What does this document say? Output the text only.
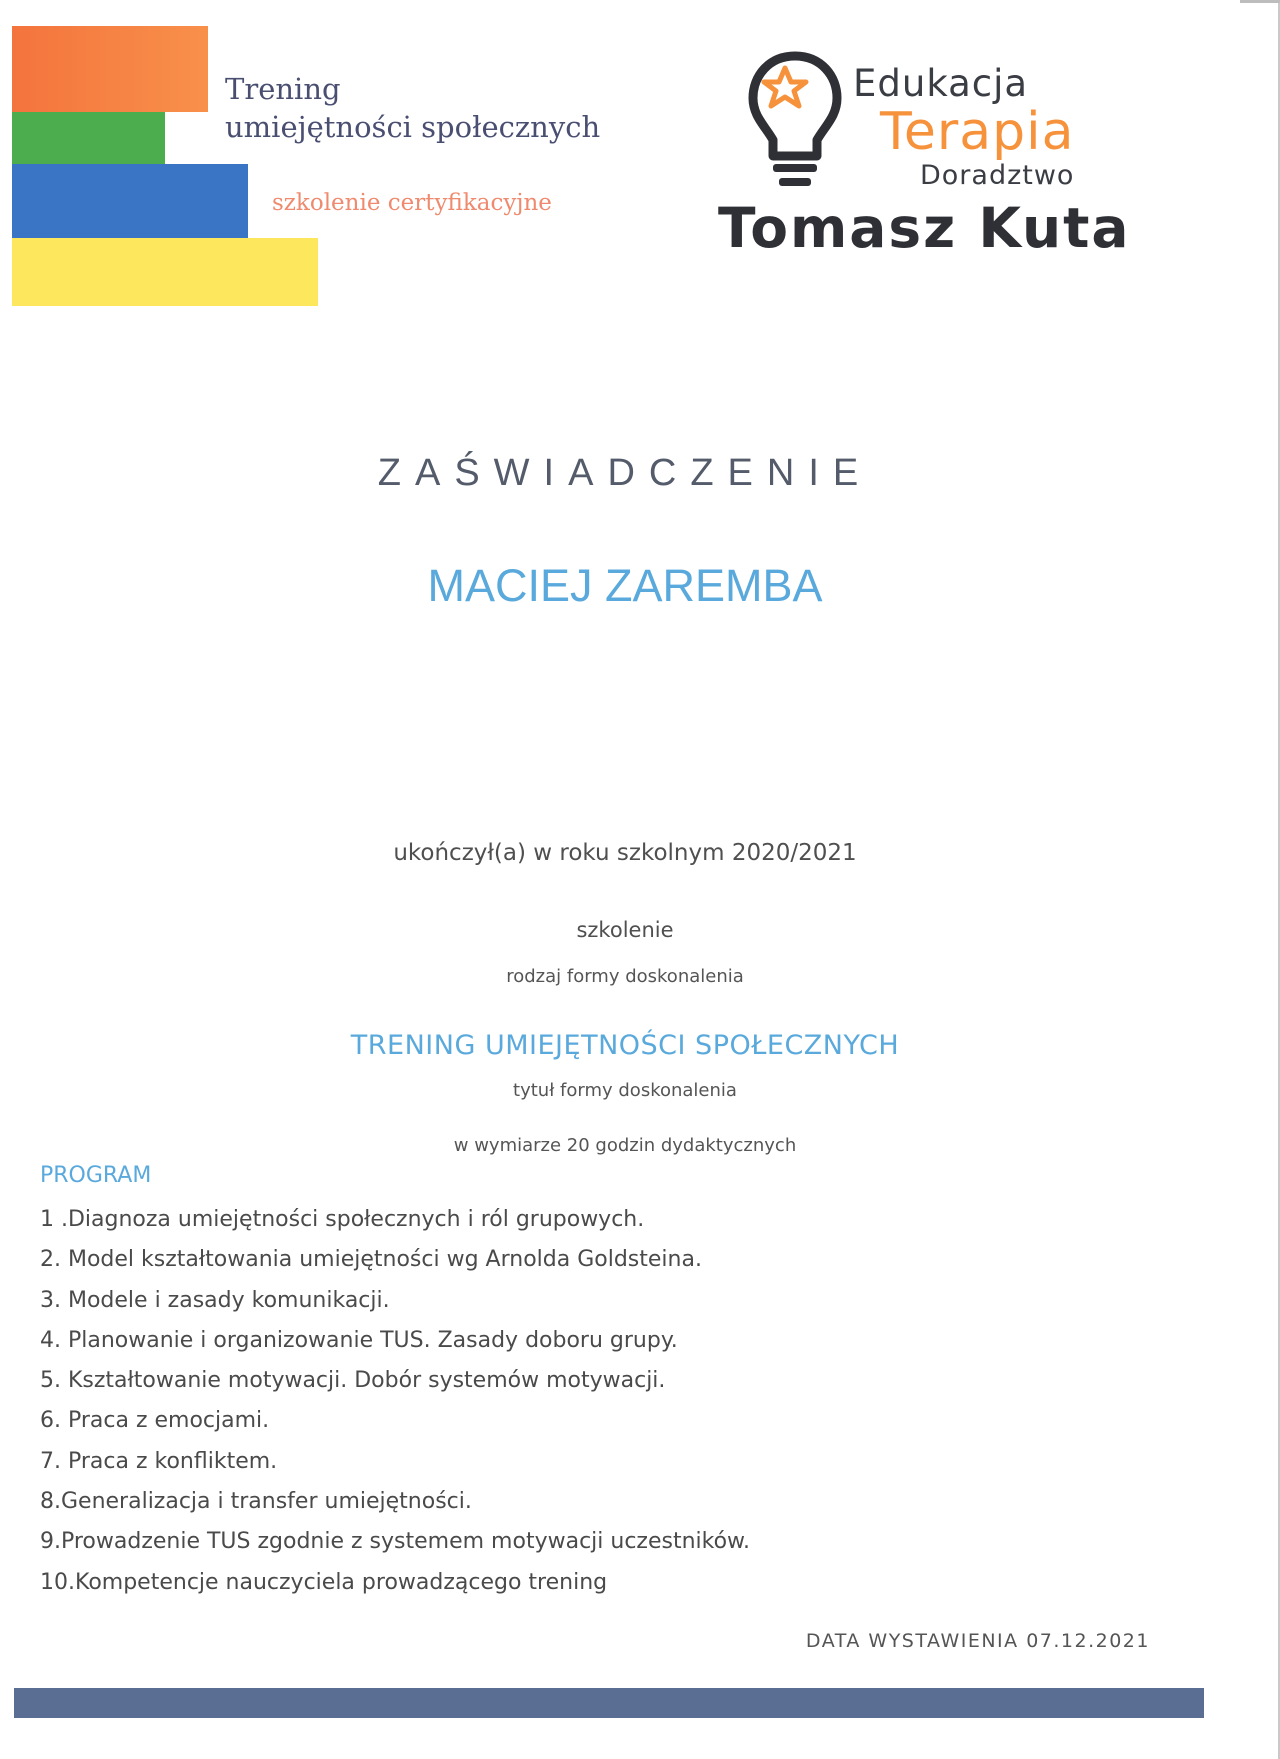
Trening
umiejętności społecznych
szkolenie certyfikacyjne
Edukacja
Terapia
Doradztwo
Tomasz Kuta
ZAŚWIADCZENIE
MACIEJ ZAREMBA
ukończył(a) w roku szkolnym 2020/2021
szkolenie
rodzaj formy doskonalenia
TRENING UMIEJĘTNOŚCI SPOŁECZNYCH
tytuł formy doskonalenia
w wymiarze 20 godzin dydaktycznych
PROGRAM
1 .Diagnoza umiejętności społecznych i ról grupowych.
2. Model kształtowania umiejętności wg Arnolda Goldsteina.
3. Modele i zasady komunikacji.
4. Planowanie i organizowanie TUS. Zasady doboru grupy.
5. Kształtowanie motywacji. Dobór systemów motywacji.
6. Praca z emocjami.
7. Praca z konfliktem.
8.Generalizacja i transfer umiejętności.
9.Prowadzenie TUS zgodnie z systemem motywacji uczestników.
10.Kompetencje nauczyciela prowadzącego trening
DATA WYSTAWIENIA 07.12.2021
